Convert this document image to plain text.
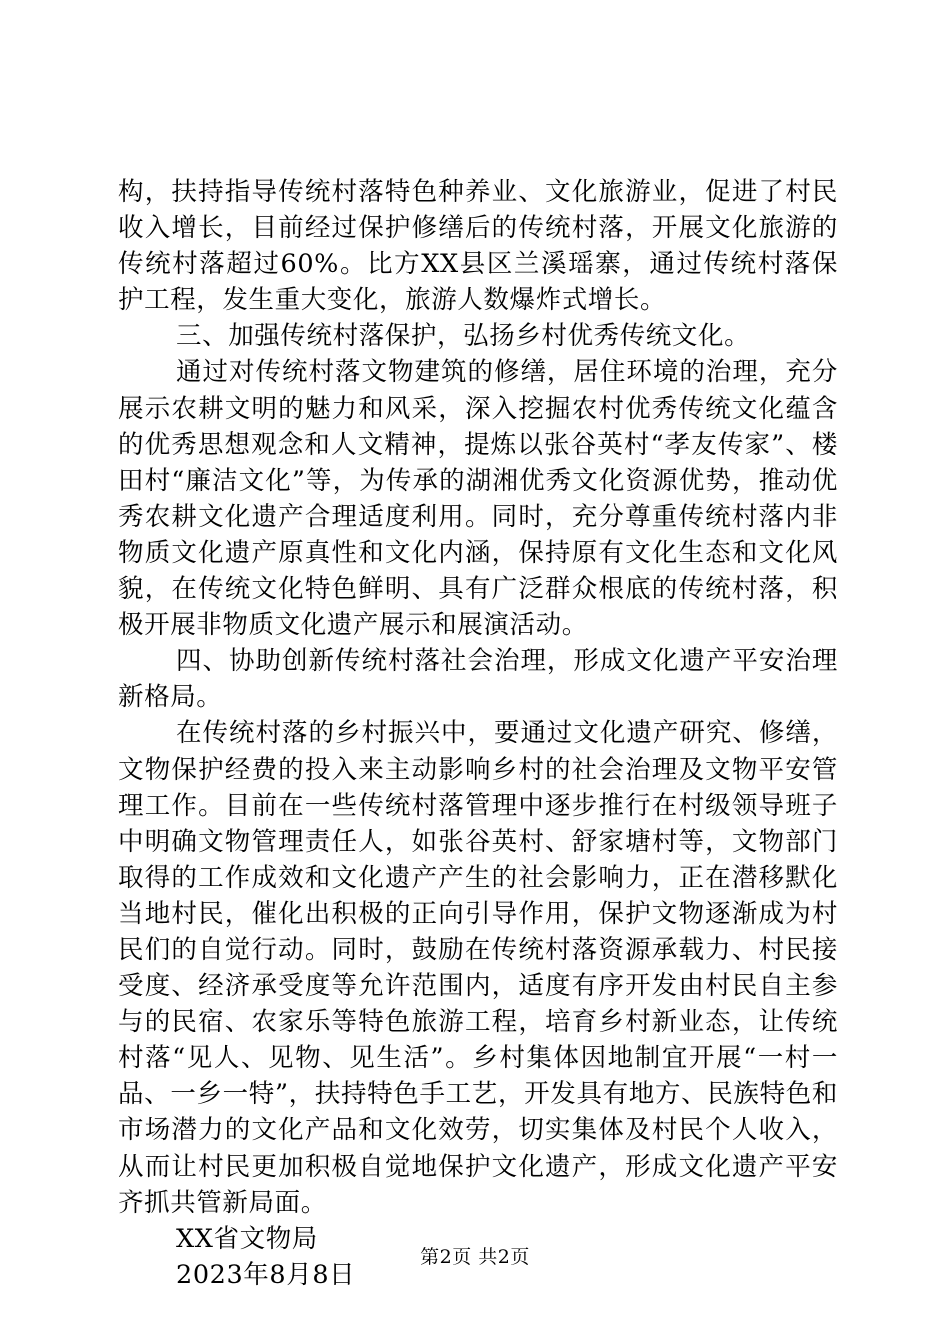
构，扶持指导传统村落特色种养业、文化旅游业，促进了村民收入增长，目前经过保护修缮后的传统村落，开展文化旅游的传统村落超过60%。比方XX县区兰溪瑶寨，通过传统村落保护工程，发生重大变化，旅游人数爆炸式增长。

三、加强传统村落保护，弘扬乡村优秀传统文化。

通过对传统村落文物建筑的修缮，居住环境的治理，充分展示农耕文明的魅力和风采，深入挖掘农村优秀传统文化蕴含的优秀思想观念和人文精神，提炼以张谷英村“孝友传家”、楼田村“廉洁文化”等，为传承的湖湘优秀文化资源优势，推动优秀农耕文化遗产合理适度利用。同时，充分尊重传统村落内非物质文化遗产原真性和文化内涵，保持原有文化生态和文化风貌，在传统文化特色鲜明、具有广泛群众根底的传统村落，积极开展非物质文化遗产展示和展演活动。

四、协助创新传统村落社会治理，形成文化遗产平安治理新格局。

在传统村落的乡村振兴中，要通过文化遗产研究、修缮，文物保护经费的投入来主动影响乡村的社会治理及文物平安管理工作。目前在一些传统村落管理中逐步推行在村级领导班子中明确文物管理责任人，如张谷英村、舒家塘村等，文物部门取得的工作成效和文化遗产产生的社会影响力，正在潜移默化当地村民，催化出积极的正向引导作用，保护文物逐渐成为村民们的自觉行动。同时，鼓励在传统村落资源承载力、村民接受度、经济承受度等允许范围内，适度有序开发由村民自主参与的民宿、农家乐等特色旅游工程，培育乡村新业态，让传统村落“见人、见物、见生活”。乡村集体因地制宜开展“一村一品、一乡一特”，扶持特色手工艺，开发具有地方、民族特色和市场潜力的文化产品和文化效劳，切实集体及村民个人收入，从而让村民更加积极自觉地保护文化遗产，形成文化遗产平安齐抓共管新局面。

XX省文物局

2023年8月8日

第2页 共2页
